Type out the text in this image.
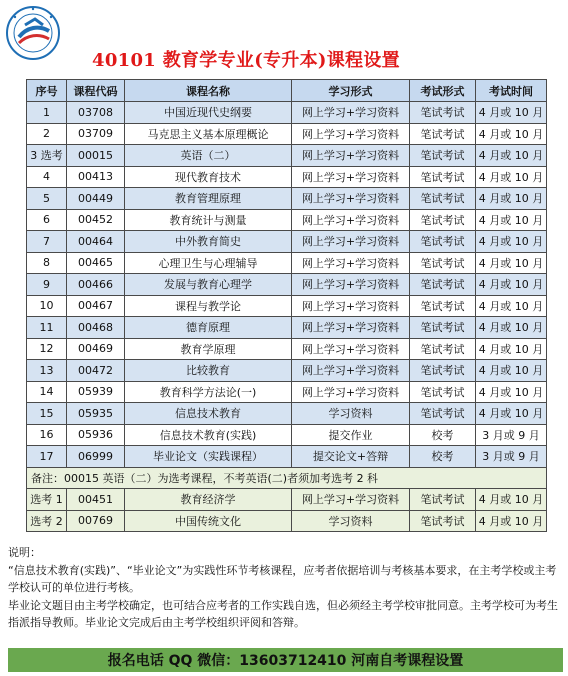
40101 教育学专业(专升本)课程设置
序号	课程代码	课程名称	学习形式	考试形式	考试时间
1	03708	中国近现代史纲要	网上学习+学习资料	笔试考试	4 月或 10 月
2	03709	马克思主义基本原理概论	网上学习+学习资料	笔试考试	4 月或 10 月
3 选考	00015	英语（二）	网上学习+学习资料	笔试考试	4 月或 10 月
4	00413	现代教育技术	网上学习+学习资料	笔试考试	4 月或 10 月
5	00449	教育管理原理	网上学习+学习资料	笔试考试	4 月或 10 月
6	00452	教育统计与测量	网上学习+学习资料	笔试考试	4 月或 10 月
7	00464	中外教育简史	网上学习+学习资料	笔试考试	4 月或 10 月
8	00465	心理卫生与心理辅导	网上学习+学习资料	笔试考试	4 月或 10 月
9	00466	发展与教育心理学	网上学习+学习资料	笔试考试	4 月或 10 月
10	00467	课程与教学论	网上学习+学习资料	笔试考试	4 月或 10 月
11	00468	德育原理	网上学习+学习资料	笔试考试	4 月或 10 月
12	00469	教育学原理	网上学习+学习资料	笔试考试	4 月或 10 月
13	00472	比较教育	网上学习+学习资料	笔试考试	4 月或 10 月
14	05939	教育科学方法论(一)	网上学习+学习资料	笔试考试	4 月或 10 月
15	05935	信息技术教育	学习资料	笔试考试	4 月或 10 月
16	05936	信息技术教育(实践)	提交作业	校考	3 月或 9 月
17	06999	毕业论文（实践课程）	提交论文+答辩	校考	3 月或 9 月
备注：00015 英语（二）为选考课程，不考英语(二)者须加考选考 2 科					
选考 1	00451	教育经济学	网上学习+学习资料	笔试考试	4 月或 10 月
选考 2	00769	中国传统文化	学习资料	笔试考试	4 月或 10 月
说明：

“信息技术教育(实践)”、“毕业论文”为实践性环节考核课程，应考者依据培训与考核基本要求，在主考学校或主考学校认可的单位进行考核。

毕业论文题目由主考学校确定，也可结合应考者的工作实践自选，但必须经主考学校审批同意。主考学校可为考生指派指导教师。毕业论文完成后由主考学校组织评阅和答辩。

报名电话 QQ 微信：13603712410 河南自考课程设置
